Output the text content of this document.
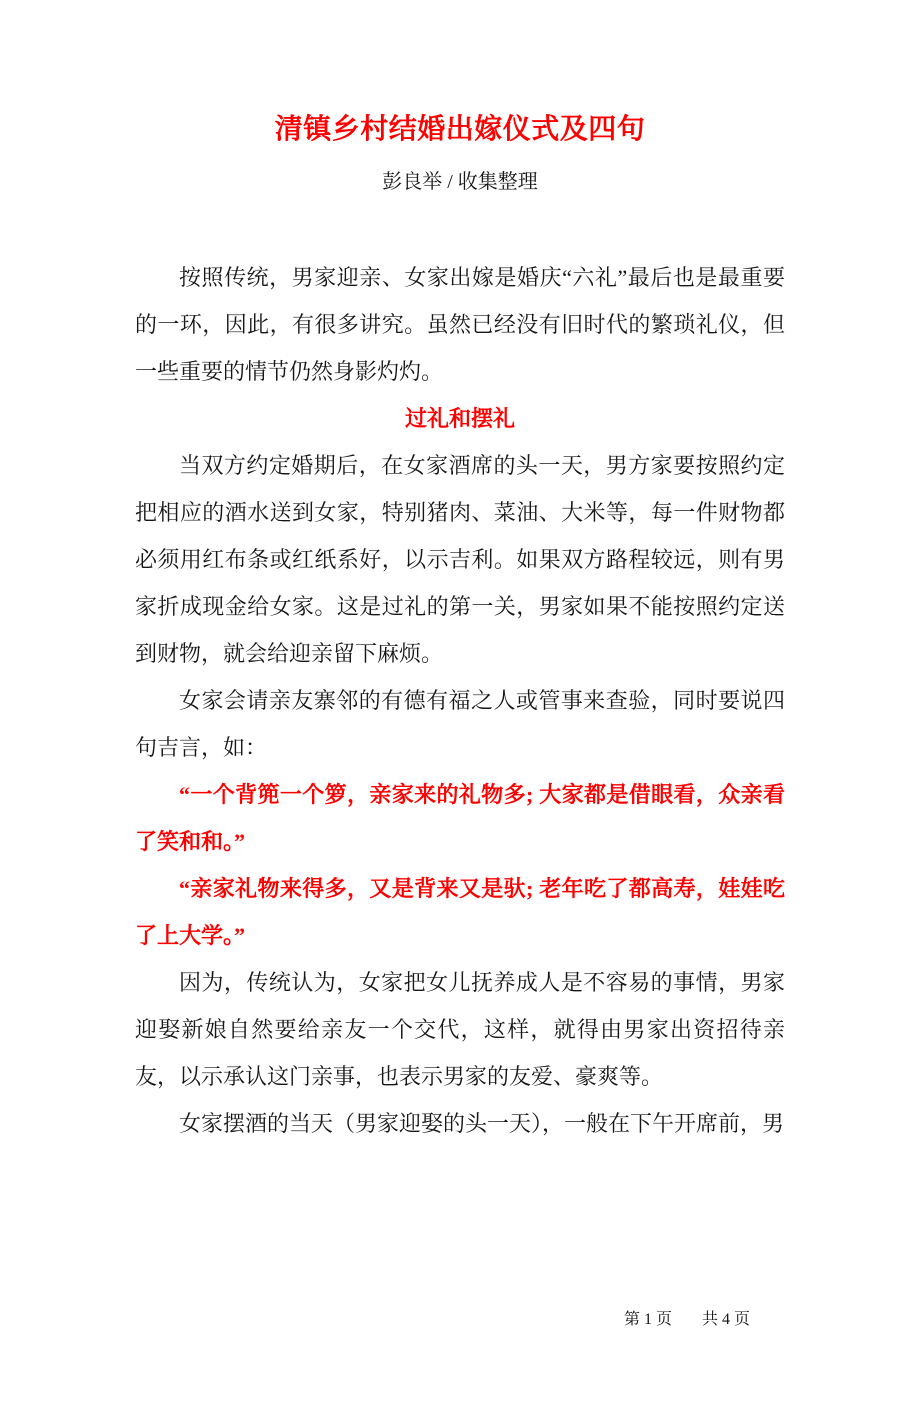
清镇乡村结婚出嫁仪式及四句

彭良举 / 收集整理

按照传统，男家迎亲、女家出嫁是婚庆“六礼”最后也是最重要的一环，因此，有很多讲究。虽然已经没有旧时代的繁琐礼仪，但一些重要的情节仍然身影灼灼。

过礼和摆礼

当双方约定婚期后，在女家酒席的头一天，男方家要按照约定把相应的酒水送到女家，特别猪肉、菜油、大米等，每一件财物都必须用红布条或红纸系好，以示吉利。如果双方路程较远，则有男家折成现金给女家。这是过礼的第一关，男家如果不能按照约定送到财物，就会给迎亲留下麻烦。

女家会请亲友寨邻的有德有福之人或管事来查验，同时要说四句吉言，如：

“一个背篼一个箩，亲家来的礼物多; 大家都是借眼看，众亲看了笑和和。”

“亲家礼物来得多，又是背来又是驮; 老年吃了都高寿，娃娃吃了上大学。”

因为，传统认为，女家把女儿抚养成人是不容易的事情，男家迎娶新娘自然要给亲友一个交代，这样，就得由男家出资招待亲友，以示承认这门亲事，也表示男家的友爱、豪爽等。

女家摆酒的当天（男家迎娶的头一天），一般在下午开席前，男

第 1 页 共 4 页
